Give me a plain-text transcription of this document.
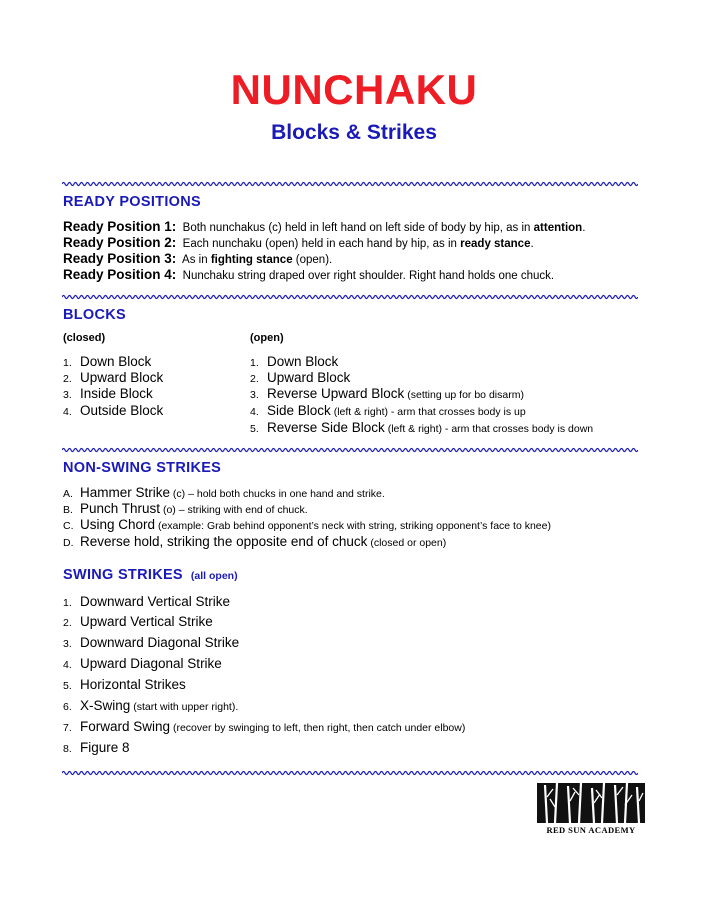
NUNCHAKU
Blocks & Strikes
READY POSITIONS
Ready Position 1: Both nunchakus (c) held in left hand on left side of body by hip, as in attention.
Ready Position 2: Each nunchaku (open) held in each hand by hip, as in ready stance.
Ready Position 3: As in fighting stance (open).
Ready Position 4: Nunchaku string draped over right shoulder. Right hand holds one chuck.
BLOCKS
(closed)	(open)
1. Down Block
2. Upward Block
3. Inside Block
4. Outside Block
1. Down Block
2. Upward Block
3. Reverse Upward Block (setting up for bo disarm)
4. Side Block (left & right) - arm that crosses body is up
5. Reverse Side Block (left & right) - arm that crosses body is down
NON-SWING STRIKES
A. Hammer Strike (c) – hold both chucks in one hand and strike.
B. Punch Thrust (o) – striking with end of chuck.
C. Using Chord (example: Grab behind opponent’s neck with string, striking opponent’s face to knee)
D. Reverse hold, striking the opposite end of chuck (closed or open)
SWING STRIKES (all open)
1. Downward Vertical Strike
2. Upward Vertical Strike
3. Downward Diagonal Strike
4. Upward Diagonal Strike
5. Horizontal Strikes
6. X-Swing (start with upper right).
7. Forward Swing (recover by swinging to left, then right, then catch under elbow)
8. Figure 8
RED SUN ACADEMY
